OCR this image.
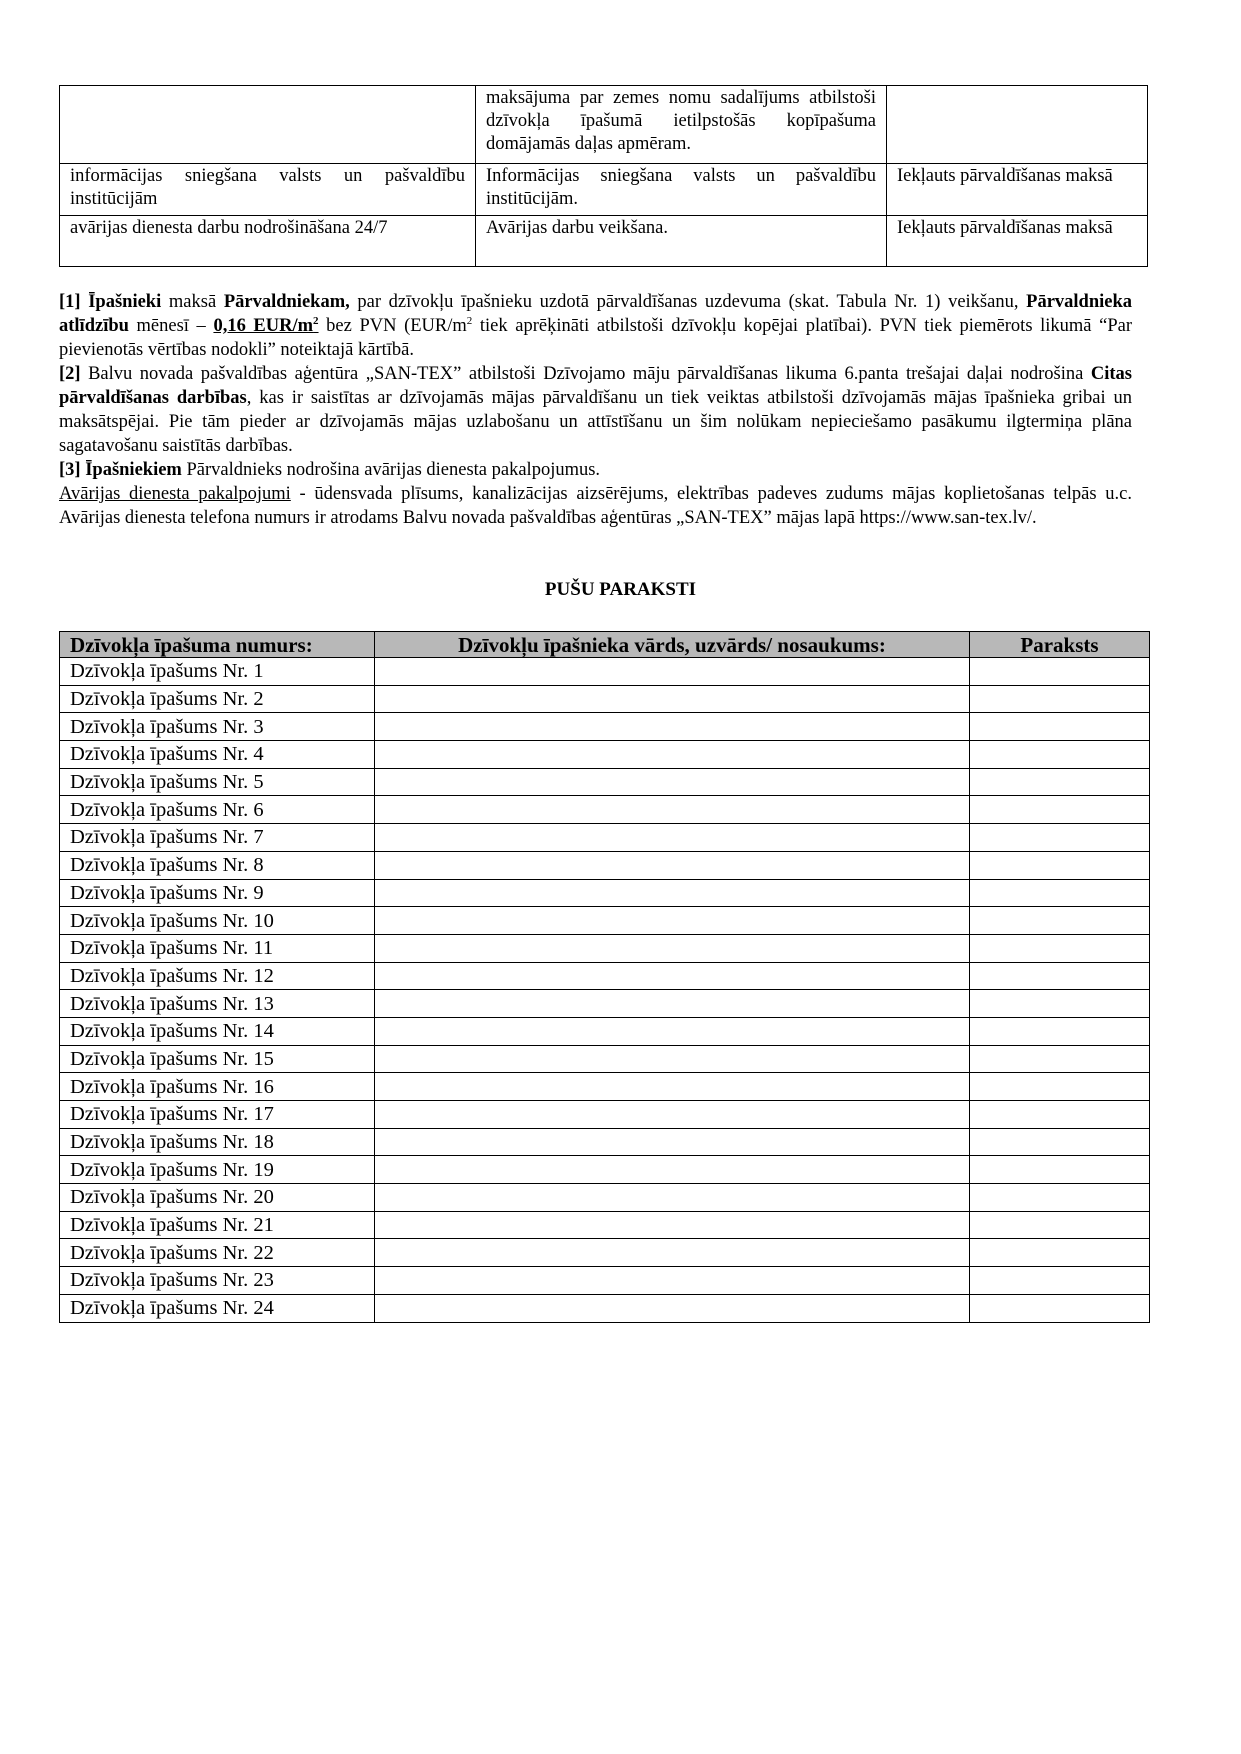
	maksājuma par zemes nomu sadalījums atbilstoši dzīvokļa īpašumā ietilpstošās kopīpašuma domājamās daļas apmēram.	
informācijas sniegšana valsts un pašvaldību institūcijām	Informācijas sniegšana valsts un pašvaldību institūcijām.	Iekļauts pārvaldīšanas maksā
avārijas dienesta darbu nodrošināšana 24/7	Avārijas darbu veikšana.	Iekļauts pārvaldīšanas maksā

[1] Īpašnieki maksā Pārvaldniekam, par dzīvokļu īpašnieku uzdotā pārvaldīšanas uzdevuma (skat. Tabula Nr. 1) veikšanu, Pārvaldnieka atlīdzību mēnesī – 0,16 EUR/$m^2$ bez PVN ($EUR/m^2$ tiek aprēķināti atbilstoši dzīvokļu kopējai platībai). PVN tiek piemērots likumā “Par pievienotās vērtības nodokli” noteiktajā kārtībā.

[2] Balvu novada pašvaldības aģentūra „SAN-TEX” atbilstoši Dzīvojamo māju pārvaldīšanas likuma 6.panta trešajai daļai nodrošina Citas pārvaldīšanas darbības, kas ir saistītas ar dzīvojamās mājas pārvaldīšanu un tiek veiktas atbilstoši dzīvojamās mājas īpašnieka gribai un maksātspējai. Pie tām pieder ar dzīvojamās mājas uzlabošanu un attīstīšanu un šim nolūkam nepieciešamo pasākumu ilgtermiņa plāna sagatavošanu saistītās darbības.

[3] Īpašniekiem Pārvaldnieks nodrošina avārijas dienesta pakalpojumus.

Avārijas dienesta pakalpojumi - ūdensvada plīsums, kanalizācijas aizsērējums, elektrības padeves zudums mājas koplietošanas telpās u.c. Avārijas dienesta telefona numurs ir atrodams Balvu novada pašvaldības aģentūras „SAN-TEX” mājas lapā https://www.san-tex.lv/.

PUŠU PARAKSTI
Dzīvokļa īpašuma numurs:	Dzīvokļu īpašnieka vārds, uzvārds/ nosaukums:	Paraksts
Dzīvokļa īpašums Nr. 1		
Dzīvokļa īpašums Nr. 2		
Dzīvokļa īpašums Nr. 3		
Dzīvokļa īpašums Nr. 4		
Dzīvokļa īpašums Nr. 5		
Dzīvokļa īpašums Nr. 6		
Dzīvokļa īpašums Nr. 7		
Dzīvokļa īpašums Nr. 8		
Dzīvokļa īpašums Nr. 9		
Dzīvokļa īpašums Nr. 10		
Dzīvokļa īpašums Nr. 11		
Dzīvokļa īpašums Nr. 12		
Dzīvokļa īpašums Nr. 13		
Dzīvokļa īpašums Nr. 14		
Dzīvokļa īpašums Nr. 15		
Dzīvokļa īpašums Nr. 16		
Dzīvokļa īpašums Nr. 17		
Dzīvokļa īpašums Nr. 18		
Dzīvokļa īpašums Nr. 19		
Dzīvokļa īpašums Nr. 20		
Dzīvokļa īpašums Nr. 21		
Dzīvokļa īpašums Nr. 22		
Dzīvokļa īpašums Nr. 23		
Dzīvokļa īpašums Nr. 24		
